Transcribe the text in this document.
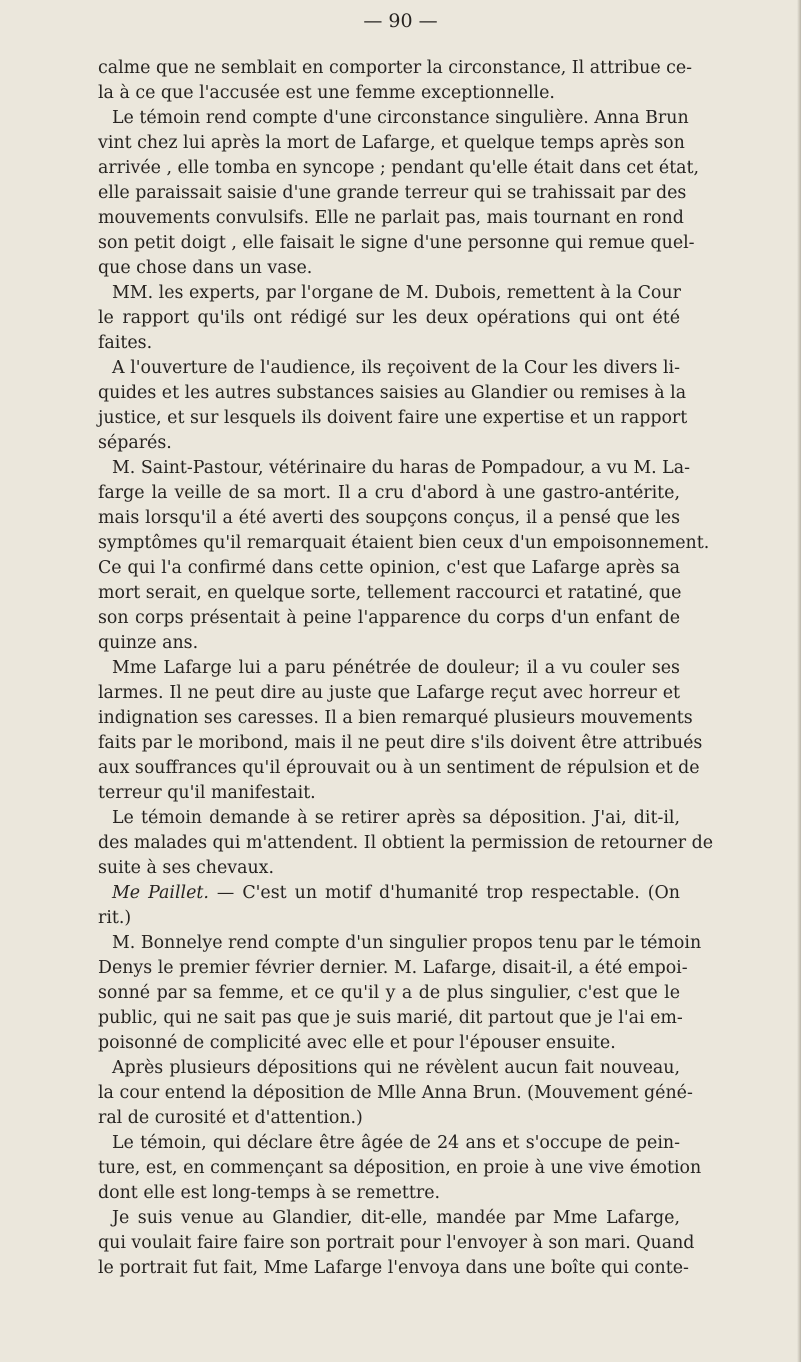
— 90 —
calme que ne semblait en comporter la circonstance, Il attribue ce-
la à ce que l'accusée est une femme exceptionnelle.
Le témoin rend compte d'une circonstance singulière. Anna Brun
vint chez lui après la mort de Lafarge, et quelque temps après son
arrivée , elle tomba en syncope ; pendant qu'elle était dans cet état,
elle paraissait saisie d'une grande terreur qui se trahissait par des
mouvements convulsifs. Elle ne parlait pas, mais tournant en rond
son petit doigt , elle faisait le signe d'une personne qui remue quel-
que chose dans un vase.
MM. les experts, par l'organe de M. Dubois, remettent à la Cour
le rapport qu'ils ont rédigé sur les deux opérations qui ont été
faites.
A l'ouverture de l'audience, ils reçoivent de la Cour les divers li-
quides et les autres substances saisies au Glandier ou remises à la
justice, et sur lesquels ils doivent faire une expertise et un rapport
séparés.
M. Saint-Pastour, vétérinaire du haras de Pompadour, a vu M. La-
farge la veille de sa mort. Il a cru d'abord à une gastro-antérite,
mais lorsqu'il a été averti des soupçons conçus, il a pensé que les
symptômes qu'il remarquait étaient bien ceux d'un empoisonnement.
Ce qui l'a confirmé dans cette opinion, c'est que Lafarge après sa
mort serait, en quelque sorte, tellement raccourci et ratatiné, que
son corps présentait à peine l'apparence du corps d'un enfant de
quinze ans.
Mme Lafarge lui a paru pénétrée de douleur; il a vu couler ses
larmes. Il ne peut dire au juste que Lafarge reçut avec horreur et
indignation ses caresses. Il a bien remarqué plusieurs mouvements
faits par le moribond, mais il ne peut dire s'ils doivent être attribués
aux souffrances qu'il éprouvait ou à un sentiment de répulsion et de
terreur qu'il manifestait.
Le témoin demande à se retirer après sa déposition. J'ai, dit-il,
des malades qui m'attendent. Il obtient la permission de retourner de
suite à ses chevaux.
Me Paillet. — C'est un motif d'humanité trop respectable. (On
rit.)
M. Bonnelye rend compte d'un singulier propos tenu par le témoin
Denys le premier février dernier. M. Lafarge, disait-il, a été empoi-
sonné par sa femme, et ce qu'il y a de plus singulier, c'est que le
public, qui ne sait pas que je suis marié, dit partout que je l'ai em-
poisonné de complicité avec elle et pour l'épouser ensuite.
Après plusieurs dépositions qui ne révèlent aucun fait nouveau,
la cour entend la déposition de Mlle Anna Brun. (Mouvement géné-
ral de curosité et d'attention.)
Le témoin, qui déclare être âgée de 24 ans et s'occupe de pein-
ture, est, en commençant sa déposition, en proie à une vive émotion
dont elle est long-temps à se remettre.
Je suis venue au Glandier, dit-elle, mandée par Mme Lafarge,
qui voulait faire faire son portrait pour l'envoyer à son mari. Quand
le portrait fut fait, Mme Lafarge l'envoya dans une boîte qui conte-
